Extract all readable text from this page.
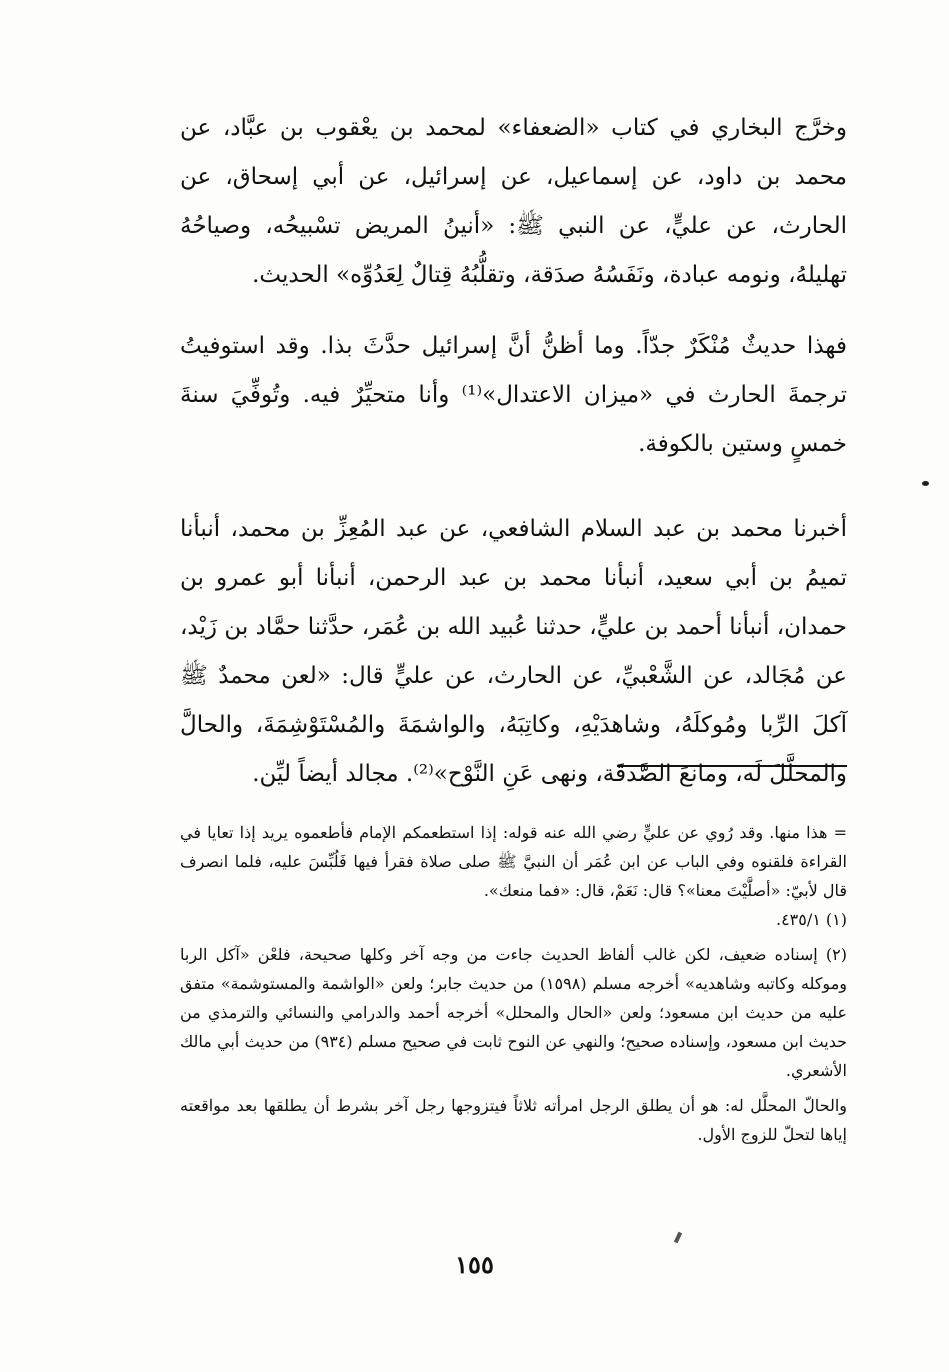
وخرَّج البخاري في كتاب «الضعفاء» لمحمد بن يعْقوب بن عبَّاد، عن محمد بن داود، عن إسماعيل، عن إسرائيل، عن أبي إسحاق، عن الحارث، عن عليٍّ، عن النبي ﷺ: «أنينُ المريض تسْبيحُه، وصياحُهُ تهليلهُ، ونومه عبادة، ونَفَسُهُ صدَقة، وتقلُّبُهُ قِتالٌ لِعَدُوِّه» الحديث.

فهذا حديثٌ مُنْكَرٌ جدّاً. وما أظنُّ أنَّ إسرائيل حدَّثَ بذا. وقد استوفيتُ ترجمةَ الحارث في «ميزان الاعتدال»⁽¹⁾ وأنا متحيِّرٌ فيه. وتُوفِّيَ سنةَ خمسٍ وستين بالكوفة.

أخبرنا محمد بن عبد السلام الشافعي، عن عبد المُعِزِّ بن محمد، أنبأنا تميمُ بن أبي سعيد، أنبأنا محمد بن عبد الرحمن، أنبأنا أبو عمرو بن حمدان، أنبأنا أحمد بن عليٍّ، حدثنا عُبيد الله بن عُمَر، حدَّثنا حمَّاد بن زَيْد، عن مُجَالد، عن الشَّعْبيِّ، عن الحارث، عن عليٍّ قال: «لعن محمدٌ ﷺ آكلَ الرِّبا ومُوكلَهُ، وشاهدَيْهِ، وكاتِبَهُ، والواشمَةَ والمُسْتَوْشِمَةَ، والحالَّ والمحلَّلَ لَه، ومانعَ الصَّدقَة، ونهى عَنِ النَّوْح»⁽²⁾. مجالد أيضاً ليِّن.

= هذا منها. وقد رُوي عن عليٍّ رضي الله عنه قوله: إذا استطعمكم الإمام فأطعموه يريد إذا تعايا في القراءة فلقنوه وفي الباب عن ابن عُمَر أن النبيَّ ﷺ صلى صلاة فقرأ فيها فَلُبِّسَ عليه، فلما انصرف قال لأبيّ: «أصلَّيْتَ معنا»؟ قال: نَعَمْ، قال: «فما منعك».

(١) ٤٣٥/١.

(٢) إسناده ضعيف، لكن غالب ألفاظ الحديث جاءت من وجه آخر وكلها صحيحة، فلعْن «آكل الربا وموكله وكاتبه وشاهديه» أخرجه مسلم (١٥٩٨) من حديث جابر؛ ولعن «الواشمة والمستوشمة» متفق عليه من حديث ابن مسعود؛ ولعن «الحال والمحلل» أخرجه أحمد والدرامي والنسائي والترمذي من حديث ابن مسعود، وإسناده صحيح؛ والنهي عن النوح ثابت في صحيح مسلم (٩٣٤) من حديث أبي مالك الأشعري.

والحالّ المحلَّل له: هو أن يطلق الرجل امرأته ثلاثاً فيتزوجها رجل آخر بشرط أن يطلقها بعد مواقعته إياها لتحلّ للزوج الأول.

١٥٥
